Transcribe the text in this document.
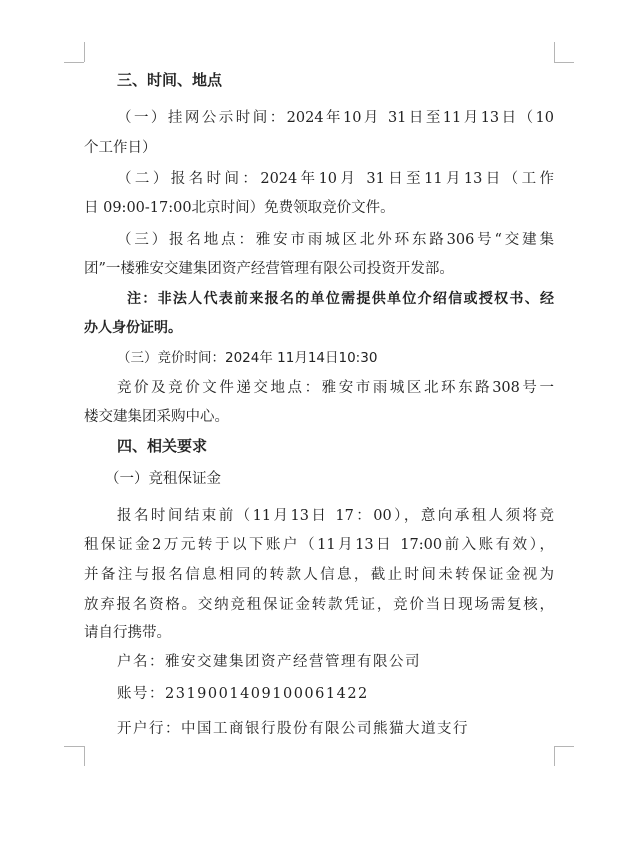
三、时间、地点
（一）挂网公示时间：2024年10月 31日至11月13日（10
个工作日）
（二）报名时间：2024年10月 31日至11月13日（工作
日 09:00-17:00北京时间）免费领取竞价文件。
（三）报名地点：雅安市雨城区北外环东路306号“交建集
团”一楼雅安交建集团资产经营管理有限公司投资开发部。
注：非法人代表前来报名的单位需提供单位介绍信或授权书、经
办人身份证明。
（三）竞价时间：2024年 11月14日10:30
竞价及竞价文件递交地点：雅安市雨城区北环东路308号一
楼交建集团采购中心。
四、相关要求
（一）竞租保证金
报名时间结束前（11月13日 17：00），意向承租人须将竞
租保证金2万元转于以下账户（11月13日 17:00前入账有效），
并备注与报名信息相同的转款人信息，截止时间未转保证金视为
放弃报名资格。交纳竞租保证金转款凭证，竞价当日现场需复核，
请自行携带。
户名：雅安交建集团资产经营管理有限公司
账号：2319001409100061422
开户行：中国工商银行股份有限公司熊猫大道支行
